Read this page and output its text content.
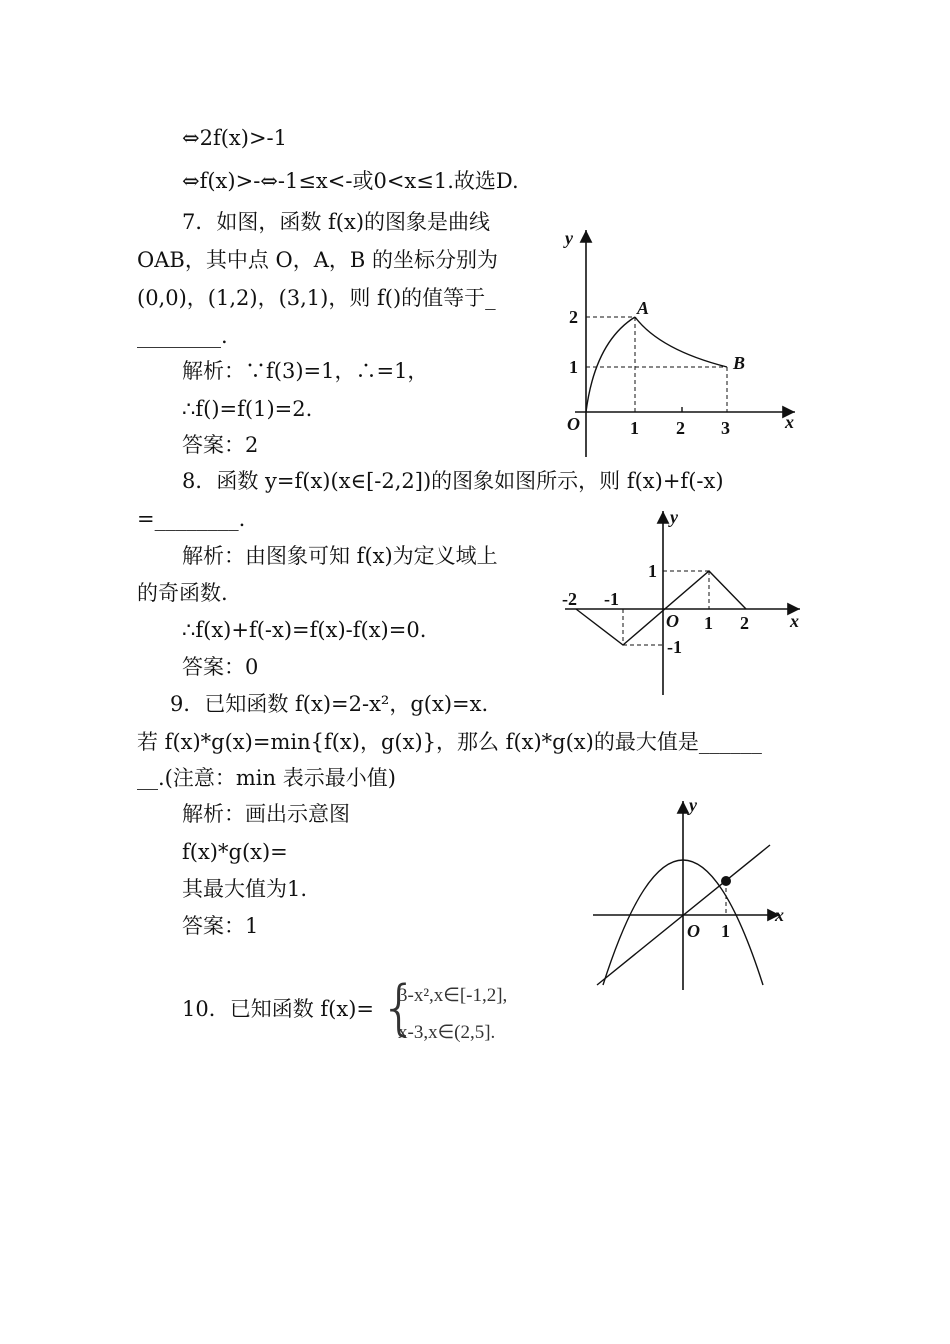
⇔2f(x)>-1
⇔f(x)>-⇔-1≤x<-或0<x≤1.故选D.
7．如图，函数 f(x)的图象是曲线
OAB，其中点 O，A，B 的坐标分别为
(0,0)，(1,2)，(3,1)，则 f()的值等于_
________.
解析：∵f(3)=1，∴=1，
∴f()=f(1)=2.
答案：2
8．函数 y=f(x)(x∈[-2,2])的图象如图所示，则 f(x)+f(-x)
=________.
解析：由图象可知 f(x)为定义域上
的奇函数.
∴f(x)+f(-x)=f(x)-f(x)=0.
答案：0
9．已知函数 f(x)=2-x²，g(x)=x.
若 f(x)*g(x)=min{f(x)，g(x)}，那么 f(x)*g(x)的最大值是______
__.(注意：min 表示最小值)
解析：画出示意图
f(x)*g(x)=
其最大值为1.
答案：1
10．已知函数 f(x)= {
3-x²,x∈[-1,2],
x-3,x∈(2,5].
y
x
O
A
B
1 2 3
1
2
y
x
O
-2 -1
1 2
1
-1
y
x
O 1
